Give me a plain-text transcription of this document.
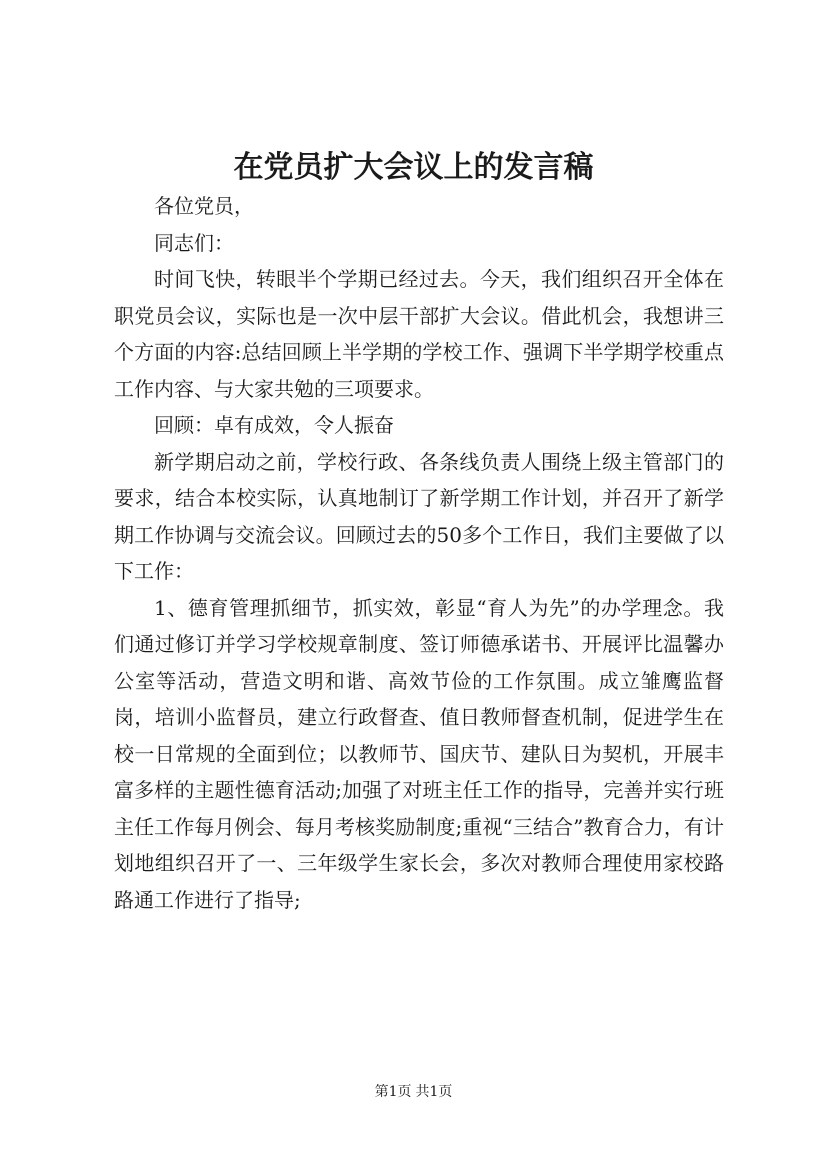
在党员扩大会议上的发言稿

各位党员，

同志们：

时间飞快，转眼半个学期已经过去。今天，我们组织召开全体在职党员会议，实际也是一次中层干部扩大会议。借此机会，我想讲三个方面的内容:总结回顾上半学期的学校工作、强调下半学期学校重点工作内容、与大家共勉的三项要求。

回顾：卓有成效，令人振奋

新学期启动之前，学校行政、各条线负责人围绕上级主管部门的要求，结合本校实际，认真地制订了新学期工作计划，并召开了新学期工作协调与交流会议。回顾过去的50多个工作日，我们主要做了以下工作：

1、德育管理抓细节，抓实效，彰显“育人为先”的办学理念。我们通过修订并学习学校规章制度、签订师德承诺书、开展评比温馨办公室等活动，营造文明和谐、高效节俭的工作氛围。成立雏鹰监督岗，培训小监督员，建立行政督查、值日教师督查机制，促进学生在校一日常规的全面到位；以教师节、国庆节、建队日为契机，开展丰富多样的主题性德育活动;加强了对班主任工作的指导，完善并实行班主任工作每月例会、每月考核奖励制度;重视“三结合”教育合力，有计划地组织召开了一、三年级学生家长会，多次对教师合理使用家校路路通工作进行了指导;

第1页 共1页
